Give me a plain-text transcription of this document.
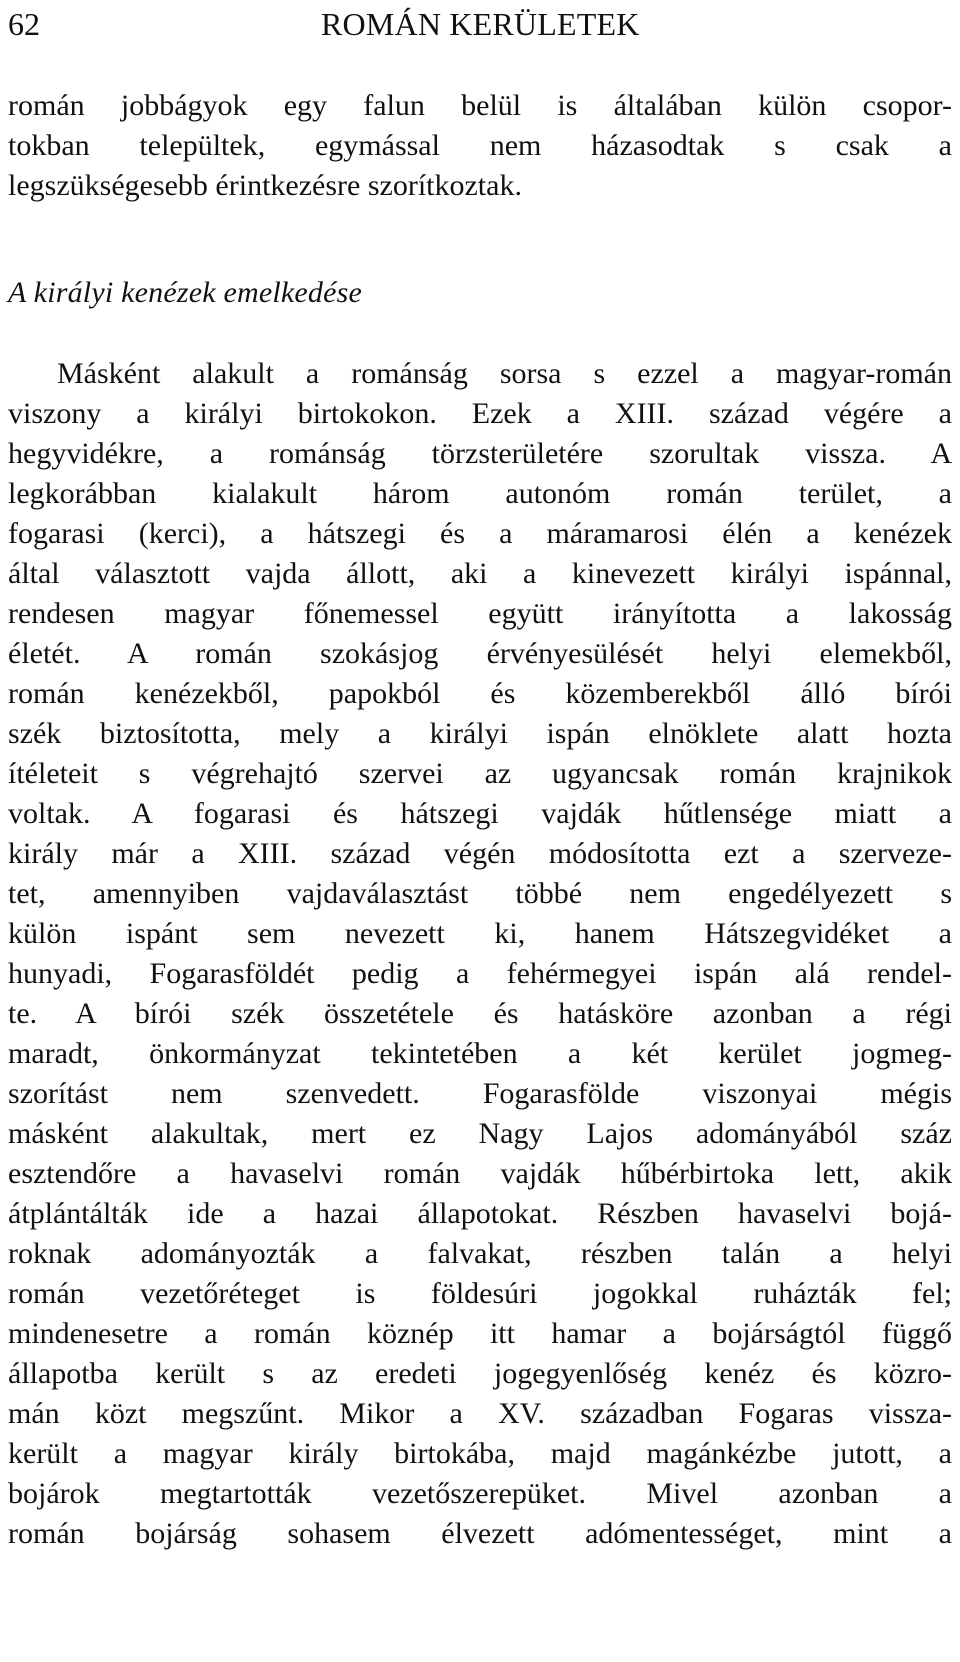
62	ROMÁN KERÜLETEK
román jobbágyok egy falun belül is általában külön csopor-
tokban települtek, egymással nem házasodtak s csak a
legszükségesebb érintkezésre szorítkoztak.
A királyi kenézek emelkedése
Másként alakult a románság sorsa s ezzel a magyar-román
viszony a királyi birtokokon. Ezek a XIII. század végére a
hegyvidékre, a románság törzsterületére szorultak vissza. A
legkorábban kialakult három autonóm román terület, a
fogarasi (kerci), a hátszegi és a máramarosi élén a kenézek
által választott vajda állott, aki a kinevezett királyi ispánnal,
rendesen magyar főnemessel együtt irányította a lakosság
életét. A román szokásjog érvényesülését helyi elemekből,
román kenézekből, papokból és közemberekből álló bírói
szék biztosította, mely a királyi ispán elnöklete alatt hozta
ítéleteit s végrehajtó szervei az ugyancsak román krajnikok
voltak. A fogarasi és hátszegi vajdák hűtlensége miatt a
király már a XIII. század végén módosította ezt a szerveze-
tet, amennyiben vajdaválasztást többé nem engedélyezett s
külön ispánt sem nevezett ki, hanem Hátszegvidéket a
hunyadi, Fogarasföldét pedig a fehérmegyei ispán alá rendel-
te. A bírói szék összetétele és hatásköre azonban a régi
maradt, önkormányzat tekintetében a két kerület jogmeg-
szorítást nem szenvedett. Fogarasfölde viszonyai mégis
másként alakultak, mert ez Nagy Lajos adományából száz
esztendőre a havaselvi román vajdák hűbérbirtoka lett, akik
átplántálták ide a hazai állapotokat. Részben havaselvi bojá-
roknak adományozták a falvakat, részben talán a helyi
román vezetőréteget is földesúri jogokkal ruházták fel;
mindenesetre a román köznép itt hamar a bojárságtól függő
állapotba került s az eredeti jogegyenlőség kenéz és közro-
mán közt megszűnt. Mikor a XV. században Fogaras vissza-
került a magyar király birtokába, majd magánkézbe jutott, a
bojárok megtartották vezetőszerepüket. Mivel azonban a
román bojárság sohasem élvezett adómentességet, mint a
